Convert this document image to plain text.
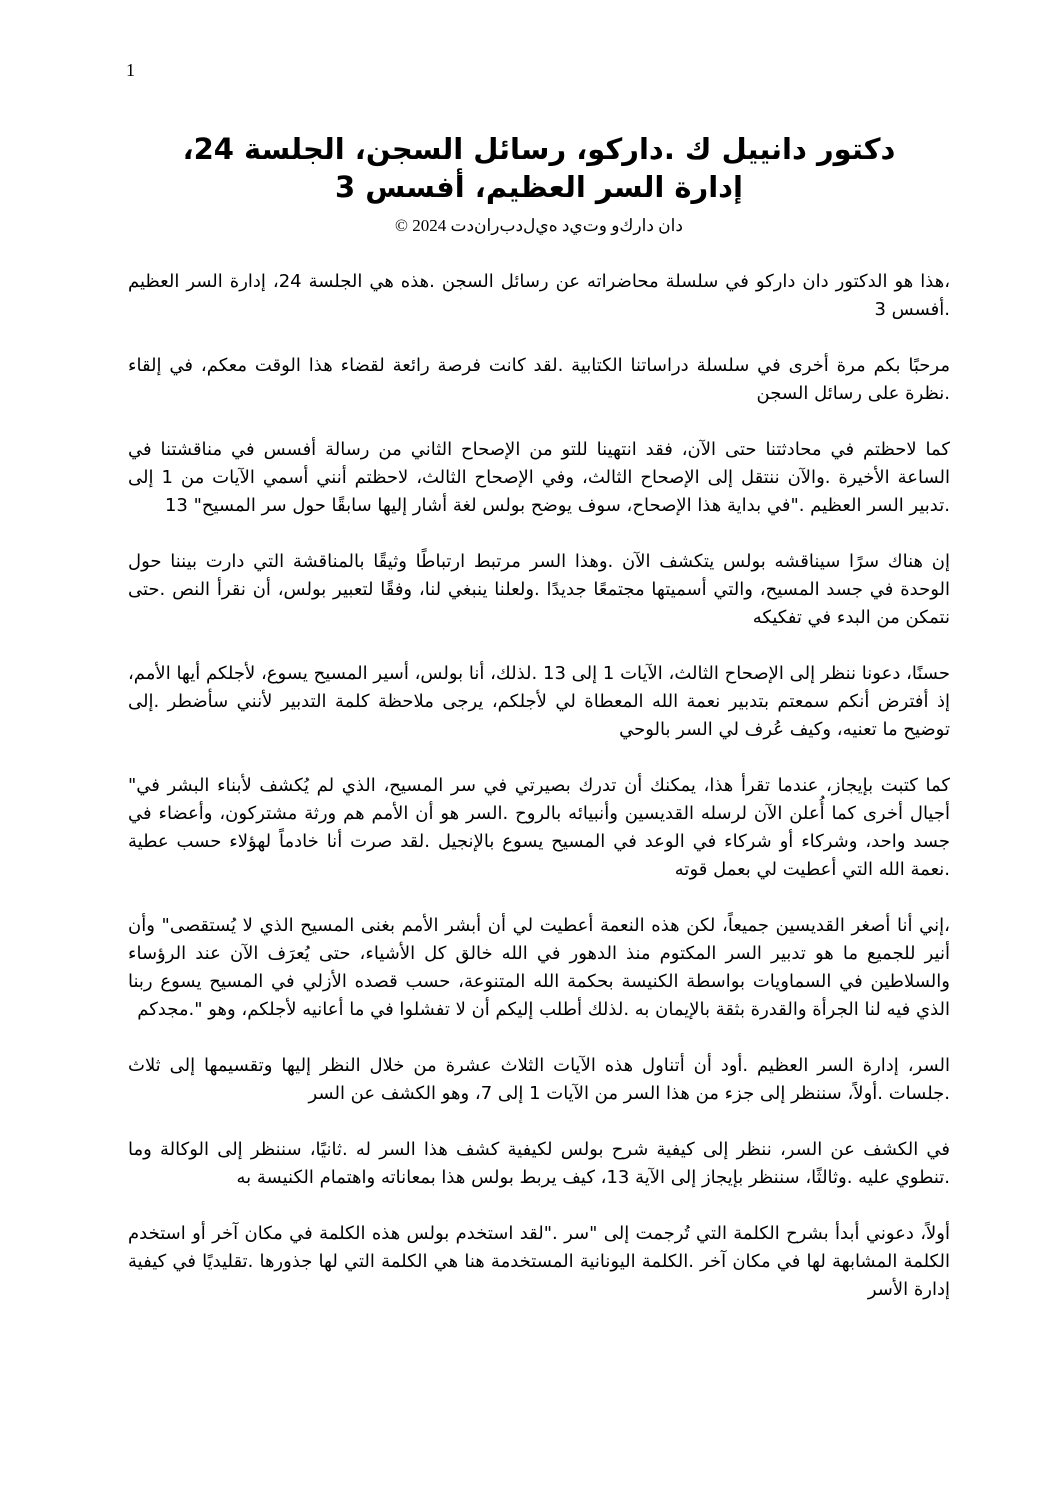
1
دكتور دانييل ك .داركو، رسائل السجن، الجلسة 24، إدارة السر العظيم، أفسس 3
دان دارك‌و وت‌ي‌د ه‌ي‌ل‌دب‌ران‌دت 2024 ©

،هذا هو الدكتور دان داركو في سلسلة محاضراته عن رسائل السجن .هذه هي الجلسة 24، إدارة السر العظيم .أفسس 3

مرحبًا بكم مرة أخرى في سلسلة دراساتنا الكتابية .لقد كانت فرصة رائعة لقضاء هذا الوقت معكم، في إلقاء .نظرة على رسائل السجن

كما لاحظتم في محادثتنا حتى الآن، فقد انتهينا للتو من الإصحاح الثاني من رسالة أفسس في مناقشتنا في الساعة الأخيرة .والآن ننتقل إلى الإصحاح الثالث، وفي الإصحاح الثالث، لاحظتم أنني أسمي الآيات من 1 إلى .تدبير السر العظيم ."في بداية هذا الإصحاح، سوف يوضح بولس لغة أشار إليها سابقًا حول سر المسيح" 13

إن هناك سرًا سيناقشه بولس يتكشف الآن .وهذا السر مرتبط ارتباطًا وثيقًا بالمناقشة التي دارت بيننا حول الوحدة في جسد المسيح، والتي أسميتها مجتمعًا جديدًا .ولعلنا ينبغي لنا، وفقًا لتعبير بولس، أن نقرأ النص .حتى نتمكن من البدء في تفكيكه

حسنًا، دعونا ننظر إلى الإصحاح الثالث، الآيات 1 إلى 13 .لذلك، أنا بولس، أسير المسيح يسوع، لأجلكم أيها الأمم، إذ أفترض أنكم سمعتم بتدبير نعمة الله المعطاة لي لأجلكم، يرجى ملاحظة كلمة التدبير لأنني سأضطر .إلى توضيح ما تعنيه، وكيف عُرف لي السر بالوحي

كما كتبت بإيجاز، عندما تقرأ هذا، يمكنك أن تدرك بصيرتي في سر المسيح، الذي لم يُكشف لأبناء البشر في" أجيال أخرى كما أُعلن الآن لرسله القديسين وأنبيائه بالروح .السر هو أن الأمم هم ورثة مشتركون، وأعضاء في جسد واحد، وشركاء أو شركاء في الوعد في المسيح يسوع بالإنجيل .لقد صرت أنا خادماً لهؤلاء حسب عطية .نعمة الله التي أعطيت لي بعمل قوته

،إني أنا أصغر القديسين جميعاً، لكن هذه النعمة أعطيت لي أن أبشر الأمم بغنى المسيح الذي لا يُستقصى" وأن أنير للجميع ما هو تدبير السر المكتوم منذ الدهور في الله خالق كل الأشياء، حتى يُعرَف الآن عند الرؤساء والسلاطين في السماويات بواسطة الكنيسة بحكمة الله المتنوعة، حسب قصده الأزلي في المسيح يسوع ربنا الذي فيه لنا الجرأة والقدرة بثقة بالإيمان به .لذلك أطلب إليكم أن لا تفشلوا في ما أعانيه لأجلكم، وهو ".مجدكم

السر، إدارة السر العظيم .أود أن أتناول هذه الآيات الثلاث عشرة من خلال النظر إليها وتقسيمها إلى ثلاث .جلسات .أولاً، سننظر إلى جزء من هذا السر من الآيات 1 إلى 7، وهو الكشف عن السر

في الكشف عن السر، ننظر إلى كيفية شرح بولس لكيفية كشف هذا السر له .ثانيًا، سننظر إلى الوكالة وما .تنطوي عليه .وثالثًا، سننظر بإيجاز إلى الآية 13، كيف يربط بولس هذا بمعاناته واهتمام الكنيسة به

أولاً، دعوني أبدأ بشرح الكلمة التي تُرجمت إلى "سر ."لقد استخدم بولس هذه الكلمة في مكان آخر أو استخدم الكلمة المشابهة لها في مكان آخر .الكلمة اليونانية المستخدمة هنا هي الكلمة التي لها جذورها .تقليديًا في كيفية إدارة الأسر
